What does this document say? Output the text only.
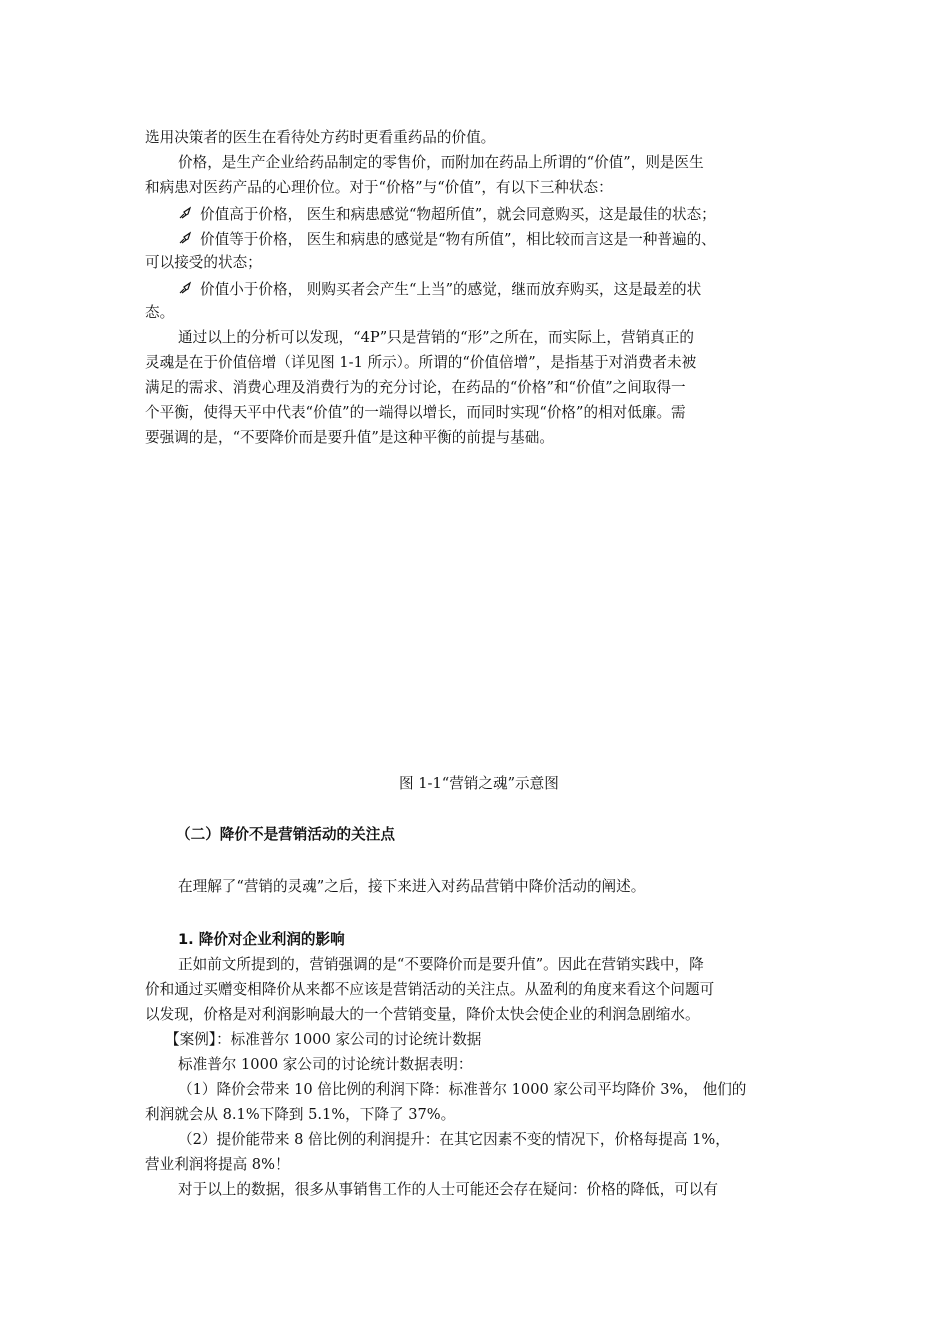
选用决策者的医生在看待处方药时更看重药品的价值。
价格，是生产企业给药品制定的零售价，而附加在药品上所谓的“价值”，则是医生
和病患对医药产品的心理价位。对于“价格”与“价值”，有以下三种状态：
价值高于价格， 医生和病患感觉“物超所值”，就会同意购买，这是最佳的状态；
价值等于价格， 医生和病患的感觉是“物有所值”，相比较而言这是一种普遍的、
可以接受的状态；
价值小于价格， 则购买者会产生“上当”的感觉，继而放弃购买，这是最差的状
态。
通过以上的分析可以发现，“4P”只是营销的“形”之所在，而实际上，营销真正的
灵魂是在于价值倍增（详见图 1-1 所示）。所谓的“价值倍增”，是指基于对消费者未被
满足的需求、消费心理及消费行为的充分讨论，在药品的“价格”和“价值”之间取得一
个平衡，使得天平中代表“价值”的一端得以增长，而同时实现“价格”的相对低廉。需
要强调的是，“不要降价而是要升值”是这种平衡的前提与基础。
图 1-1“营销之魂”示意图
（二）降价不是营销活动的关注点
在理解了“营销的灵魂”之后，接下来进入对药品营销中降价活动的阐述。
1. 降价对企业利润的影响
正如前文所提到的，营销强调的是“不要降价而是要升值”。因此在营销实践中，降
价和通过买赠变相降价从来都不应该是营销活动的关注点。从盈利的角度来看这个问题可
以发现，价格是对利润影响最大的一个营销变量，降价太快会使企业的利润急剧缩水。
【案例】：标准普尔 1000 家公司的讨论统计数据
标准普尔 1000 家公司的讨论统计数据表明：
（1）降价会带来 10 倍比例的利润下降：标准普尔 1000 家公司平均降价 3%， 他们的
利润就会从 8.1%下降到 5.1%，下降了 37%。
（2）提价能带来 8 倍比例的利润提升：在其它因素不变的情况下，价格每提高 1%，
营业利润将提高 8%！
对于以上的数据，很多从事销售工作的人士可能还会存在疑问：价格的降低，可以有
